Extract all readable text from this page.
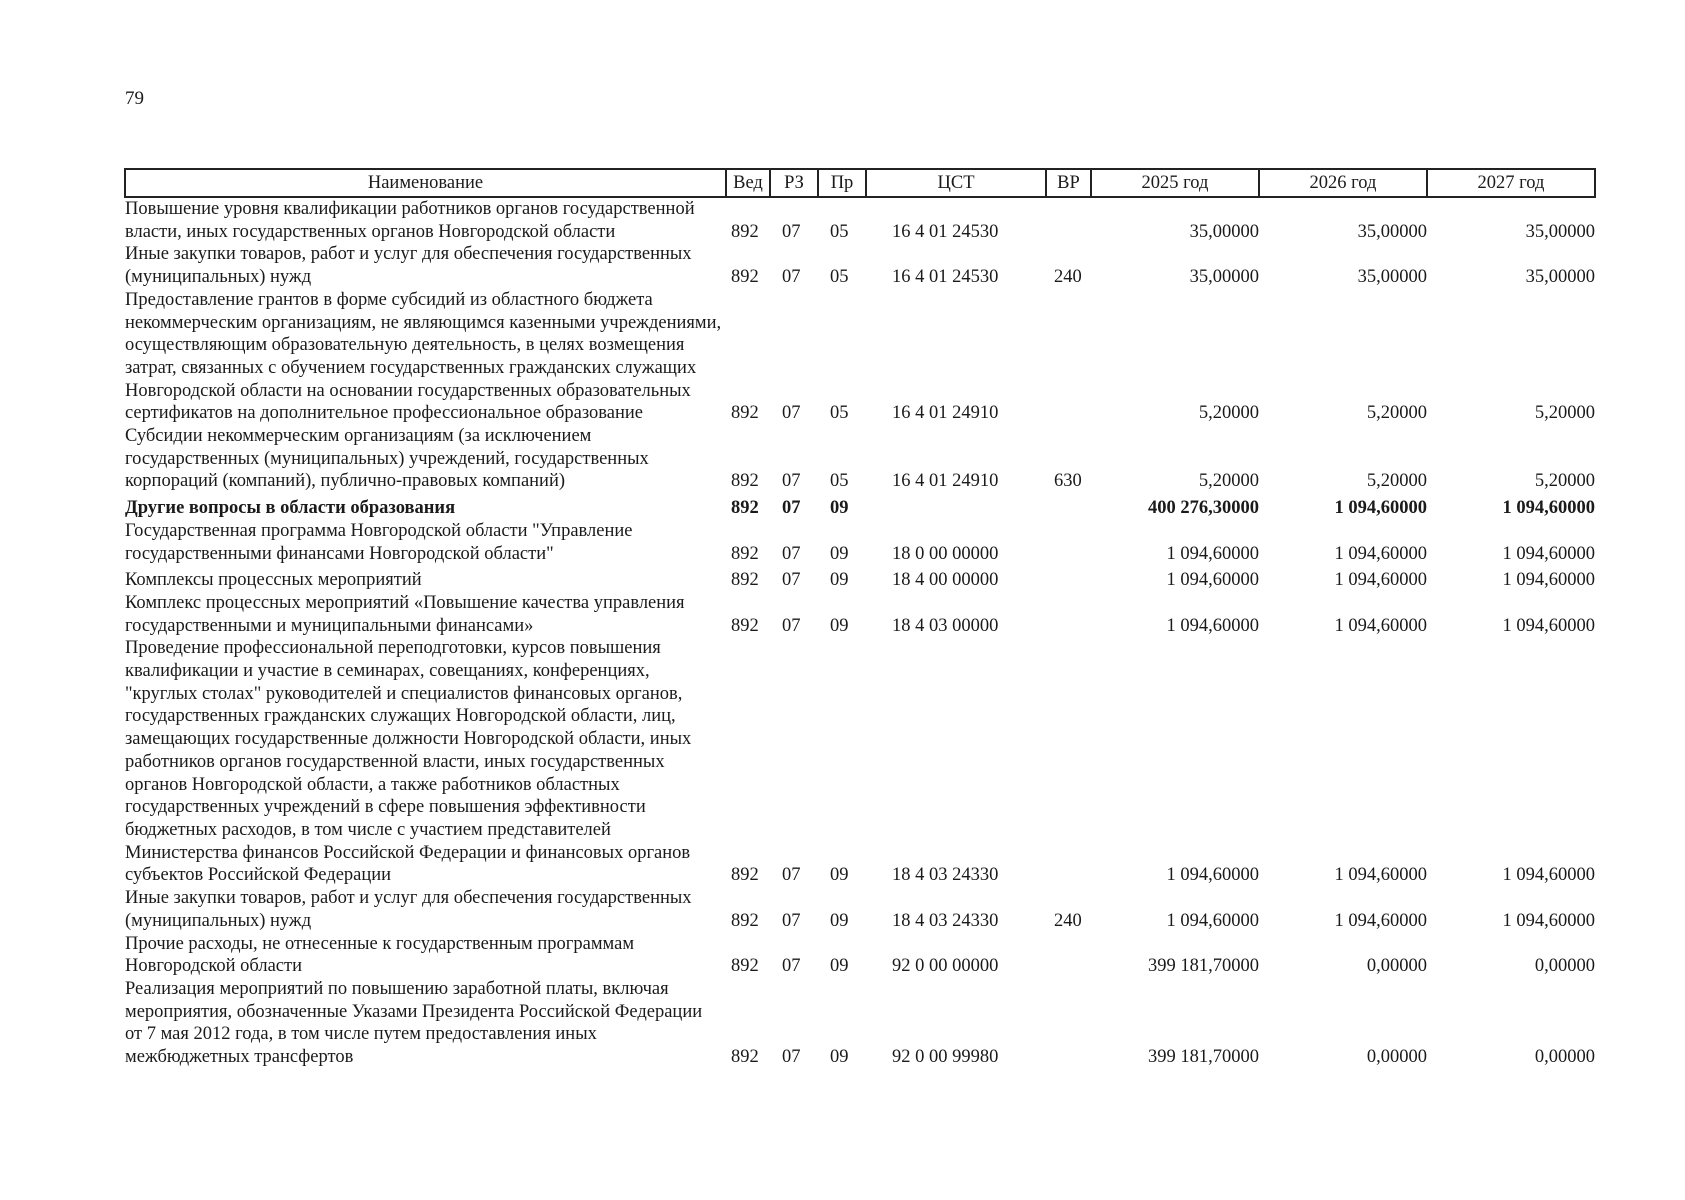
79
Наименование	Вед	РЗ	Пр	ЦСТ	ВР	2025 год	2026 год	2027 год
Повышение уровня квалификации работников органов государственной власти, иных государственных органов Новгородской области	892	07	05	16 4 01 24530		35,00000	35,00000	35,00000
Иные закупки товаров, работ и услуг для обеспечения государственных (муниципальных) нужд	892	07	05	16 4 01 24530	240	35,00000	35,00000	35,00000
Предоставление грантов в форме субсидий из областного бюджета некоммерческим организациям, не являющимся казенными учреждениями, осуществляющим образовательную деятельность, в целях возмещения затрат, связанных с обучением государственных гражданских служащих Новгородской области на основании государственных образовательных сертификатов на дополнительное профессиональное образование	892	07	05	16 4 01 24910		5,20000	5,20000	5,20000
Субсидии некоммерческим организациям (за исключением государственных (муниципальных) учреждений, государственных корпораций (компаний), публично-правовых компаний)	892	07	05	16 4 01 24910	630	5,20000	5,20000	5,20000
Другие вопросы в области образования	892	07	09			400 276,30000	1 094,60000	1 094,60000
Государственная программа Новгородской области "Управление государственными финансами Новгородской области"	892	07	09	18 0 00 00000		1 094,60000	1 094,60000	1 094,60000
Комплексы процессных мероприятий	892	07	09	18 4 00 00000		1 094,60000	1 094,60000	1 094,60000
Комплекс процессных мероприятий «Повышение качества управления государственными и муниципальными финансами»	892	07	09	18 4 03 00000		1 094,60000	1 094,60000	1 094,60000
Проведение профессиональной переподготовки, курсов повышения квалификации и участие в семинарах, совещаниях, конференциях, "круглых столах" руководителей и специалистов финансовых органов, государственных гражданских служащих Новгородской области, лиц, замещающих государственные должности Новгородской области, иных работников органов государственной власти, иных государственных органов Новгородской области, а также работников областных государственных учреждений в сфере повышения эффективности бюджетных расходов, в том числе с участием представителей Министерства финансов Российской Федерации и финансовых органов субъектов Российской Федерации	892	07	09	18 4 03 24330		1 094,60000	1 094,60000	1 094,60000
Иные закупки товаров, работ и услуг для обеспечения государственных (муниципальных) нужд	892	07	09	18 4 03 24330	240	1 094,60000	1 094,60000	1 094,60000
Прочие расходы, не отнесенные к государственным программам Новгородской области	892	07	09	92 0 00 00000		399 181,70000	0,00000	0,00000
Реализация мероприятий по повышению заработной платы, включая мероприятия, обозначенные Указами Президента Российской Федерации от 7 мая 2012 года, в том числе путем предоставления иных межбюджетных трансфертов	892	07	09	92 0 00 99980		399 181,70000	0,00000	0,00000
